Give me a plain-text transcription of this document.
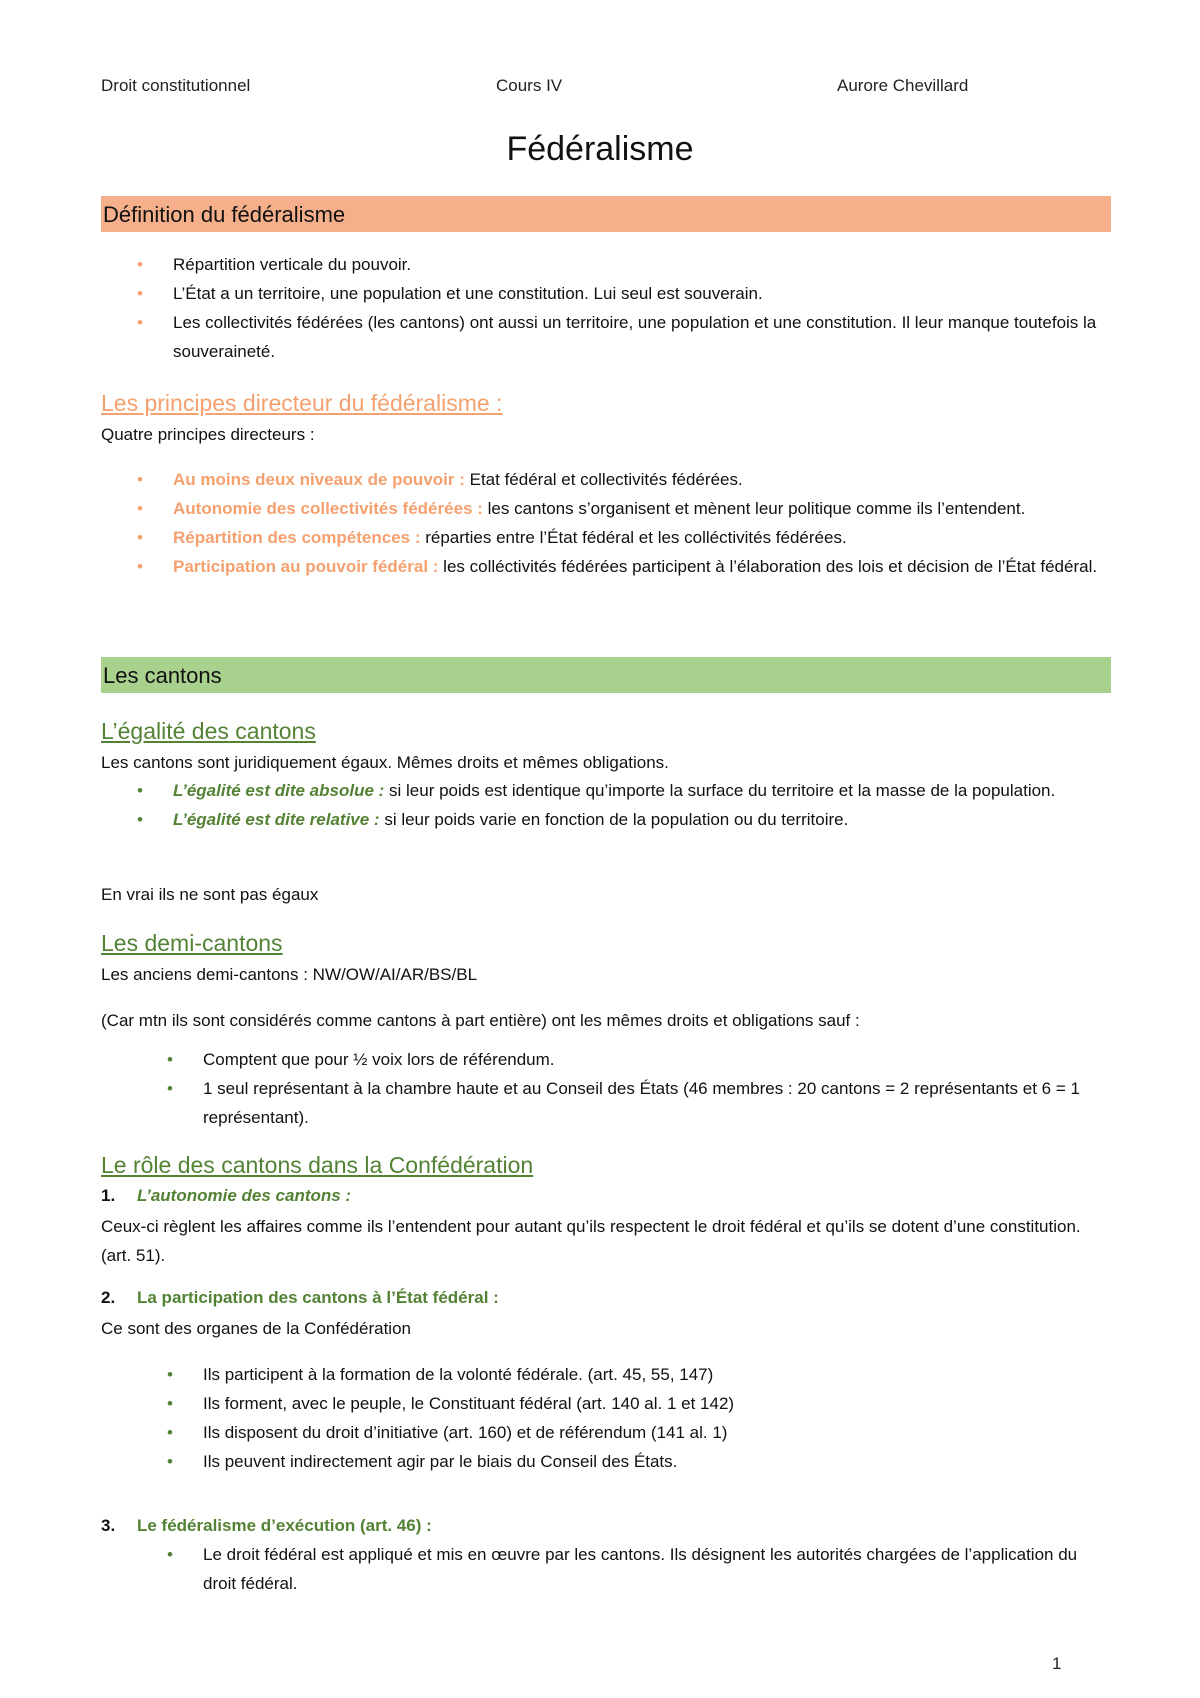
Droit constitutionnel	Cours IV	Aurore Chevillard
Fédéralisme
Définition du fédéralisme
• Répartition verticale du pouvoir.
• L’État a un territoire, une population et une constitution. Lui seul est souverain.
• Les collectivités fédérées (les cantons) ont aussi un territoire, une population et une constitution. Il leur manque toutefois la souveraineté.
Les principes directeur du fédéralisme :
Quatre principes directeurs :
• Au moins deux niveaux de pouvoir : Etat fédéral et collectivités fédérées.
• Autonomie des collectivités fédérées : les cantons s’organisent et mènent leur politique comme ils l’entendent.
• Répartition des compétences : réparties entre l’État fédéral et les colléctivités fédérées.
• Participation au pouvoir fédéral : les colléctivités fédérées participent à l’élaboration des lois et décision de l’État fédéral.
Les cantons
L’égalité des cantons
Les cantons sont juridiquement égaux. Mêmes droits et mêmes obligations.
• L’égalité est dite absolue : si leur poids est identique qu’importe la surface du territoire et la masse de la population.
• L’égalité est dite relative : si leur poids varie en fonction de la population ou du territoire.
En vrai ils ne sont pas égaux
Les demi-cantons
Les anciens demi-cantons : NW/OW/AI/AR/BS/BL
(Car mtn ils sont considérés comme cantons à part entière) ont les mêmes droits et obligations sauf :
• Comptent que pour ½ voix lors de référendum.
• 1 seul représentant à la chambre haute et au Conseil des États (46 membres : 20 cantons = 2 représentants et 6 = 1 représentant).
Le rôle des cantons dans la Confédération
1. L’autonomie des cantons :
Ceux-ci règlent les affaires comme ils l’entendent pour autant qu’ils respectent le droit fédéral et qu’ils se dotent d’une constitution. (art. 51).
2. La participation des cantons à l’État fédéral :
Ce sont des organes de la Confédération
• Ils participent à la formation de la volonté fédérale. (art. 45, 55, 147)
• Ils forment, avec le peuple, le Constituant fédéral (art. 140 al. 1 et 142)
• Ils disposent du droit d’initiative (art. 160) et de référendum (141 al. 1)
• Ils peuvent indirectement agir par le biais du Conseil des États.
3. Le fédéralisme d’exécution (art. 46) :
• Le droit fédéral est appliqué et mis en œuvre par les cantons. Ils désignent les autorités chargées de l’application du droit fédéral.
1
